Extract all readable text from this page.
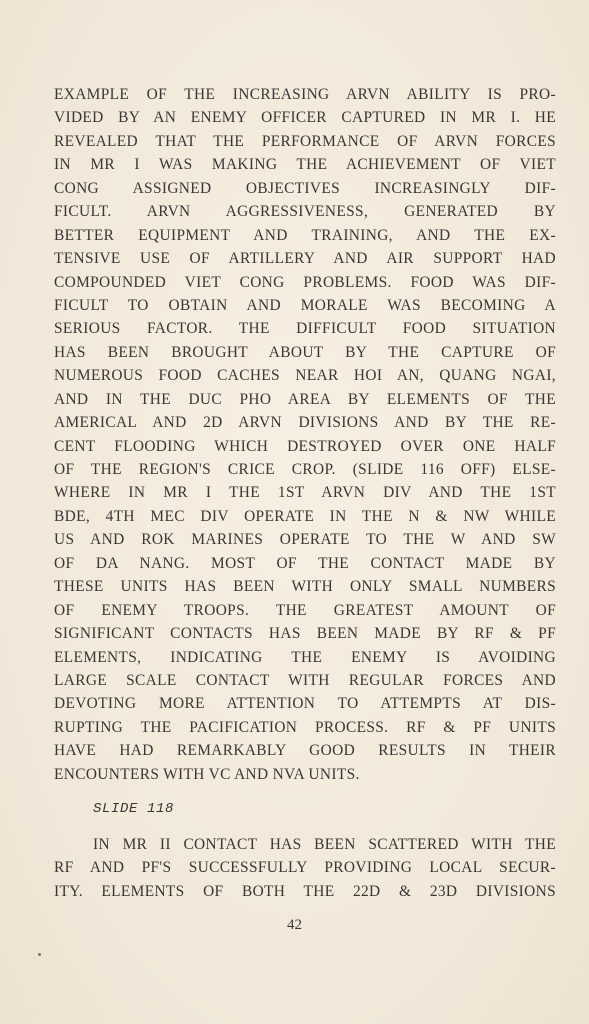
EXAMPLE OF THE INCREASING ARVN ABILITY IS PRO-
VIDED BY AN ENEMY OFFICER CAPTURED IN MR I. HE
REVEALED THAT THE PERFORMANCE OF ARVN FORCES
IN MR I WAS MAKING THE ACHIEVEMENT OF VIET
CONG ASSIGNED OBJECTIVES INCREASINGLY DIF-
FICULT. ARVN AGGRESSIVENESS, GENERATED BY
BETTER EQUIPMENT AND TRAINING, AND THE EX-
TENSIVE USE OF ARTILLERY AND AIR SUPPORT HAD
COMPOUNDED VIET CONG PROBLEMS. FOOD WAS DIF-
FICULT TO OBTAIN AND MORALE WAS BECOMING A
SERIOUS FACTOR. THE DIFFICULT FOOD SITUATION
HAS BEEN BROUGHT ABOUT BY THE CAPTURE OF
NUMEROUS FOOD CACHES NEAR HOI AN, QUANG NGAI,
AND IN THE DUC PHO AREA BY ELEMENTS OF THE
AMERICAL AND 2D ARVN DIVISIONS AND BY THE RE-
CENT FLOODING WHICH DESTROYED OVER ONE HALF
OF THE REGION'S CRICE CROP. (SLIDE 116 OFF) ELSE-
WHERE IN MR I THE 1ST ARVN DIV AND THE 1ST
BDE, 4TH MEC DIV OPERATE IN THE N & NW WHILE
US AND ROK MARINES OPERATE TO THE W AND SW
OF DA NANG. MOST OF THE CONTACT MADE BY
THESE UNITS HAS BEEN WITH ONLY SMALL NUMBERS
OF ENEMY TROOPS. THE GREATEST AMOUNT OF
SIGNIFICANT CONTACTS HAS BEEN MADE BY RF & PF
ELEMENTS, INDICATING THE ENEMY IS AVOIDING
LARGE SCALE CONTACT WITH REGULAR FORCES AND
DEVOTING MORE ATTENTION TO ATTEMPTS AT DIS-
RUPTING THE PACIFICATION PROCESS. RF & PF UNITS
HAVE HAD REMARKABLY GOOD RESULTS IN THEIR
ENCOUNTERS WITH VC AND NVA UNITS.
SLIDE 118
IN MR II CONTACT HAS BEEN SCATTERED WITH THE
RF AND PF'S SUCCESSFULLY PROVIDING LOCAL SECUR-
ITY. ELEMENTS OF BOTH THE 22D & 23D DIVISIONS
42
